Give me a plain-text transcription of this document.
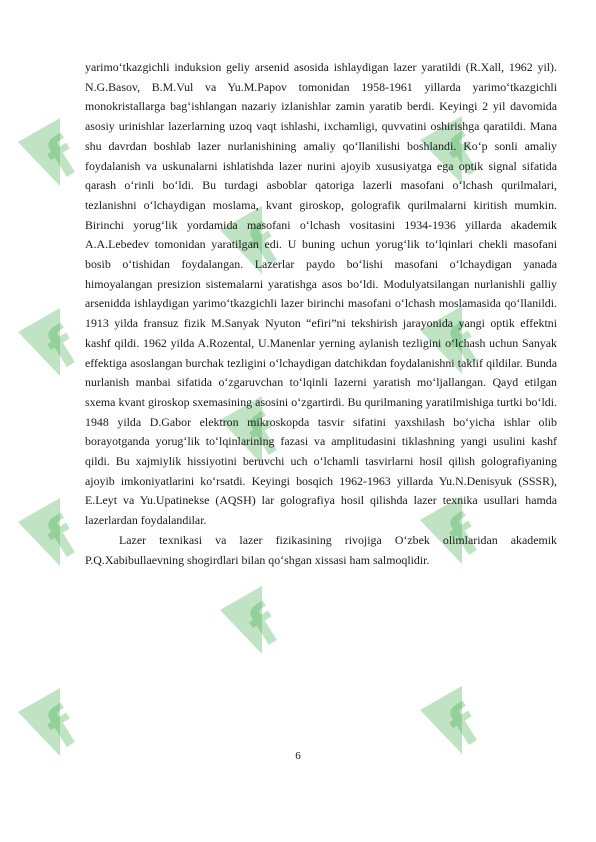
f
f
f
f
f
f
f
f
f
f
f

yarimo‘tkazgichli induksion geliy arsenid asosida ishlaydigan lazer yaratildi (R.Xall, 1962 yil). N.G.Basov, B.M.Vul va Yu.M.Papov tomonidan 1958-1961 yillarda yarimo‘tkazgichli monokristallarga bag‘ishlangan nazariy izlanishlar zamin yaratib berdi. Keyingi 2 yil davomida asosiy urinishlar lazerlarning uzoq vaqt ishlashi, ixchamligi, quvvatini oshirishga qaratildi. Mana shu davrdan boshlab lazer nurlanishining amaliy qo‘llanilishi boshlandi. Ko‘p sonli amaliy foydalanish va uskunalarni ishlatishda lazer nurini ajoyib xususiyatga ega optik signal sifatida qarash o‘rinli bo‘ldi. Bu turdagi asboblar qatoriga lazerli masofani o‘lchash qurilmalari, tezlanishni o‘lchaydigan moslama, kvant giroskop, golografik qurilmalarni kiritish mumkin. Birinchi yorug‘lik yordamida masofani o‘lchash vositasini 1934-1936 yillarda akademik A.A.Lebedev tomonidan yaratilgan edi. U buning uchun yorug‘lik to‘lqinlari chekli masofani bosib o‘tishidan foydalangan. Lazerlar paydo bo‘lishi masofani o‘lchaydigan yanada himoyalangan presizion sistemalarni yaratishga asos bo‘ldi. Modulyatsilangan nurlanishli galliy arsenidda ishlaydigan yarimo‘tkazgichli lazer birinchi masofani o‘lchash moslamasida qo‘llanildi. 1913 yilda fransuz fizik M.Sanyak Nyuton “efiri”ni tekshirish jarayonida yangi optik effektni kashf qildi. 1962 yilda A.Rozental, U.Manenlar yerning aylanish tezligini o‘lchash uchun Sanyak effektiga asoslangan burchak tezligini o‘lchaydigan datchikdan foydalanishni taklif qildilar. Bunda nurlanish manbai sifatida o‘zgaruvchan to‘lqinli lazerni yaratish mo‘ljallangan. Qayd etilgan sxema kvant giroskop sxemasining asosini o‘zgartirdi. Bu qurilmaning yaratilmishiga turtki bo‘ldi. 1948 yilda D.Gabor elektron mikroskopda tasvir sifatini yaxshilash bo‘yicha ishlar olib borayotganda yorug‘lik to‘lqinlarining fazasi va amplitudasini tiklashning yangi usulini kashf qildi. Bu xajmiylik hissiyotini beruvchi uch o‘lchamli tasvirlarni hosil qilish golografiyaning ajoyib imkoniyatlarini ko‘rsatdi. Keyingi bosqich 1962-1963 yillarda Yu.N.Denisyuk (SSSR), E.Leyt va Yu.Upatinekse (AQSH) lar golografiya hosil qilishda lazer texnika usullari hamda lazerlardan foydalandilar.

Lazer texnikasi va lazer fizikasining rivojiga O‘zbek olimlaridan akademik P.Q.Xabibullaevning shogirdlari bilan qo‘shgan xissasi ham salmoqlidir.

6
